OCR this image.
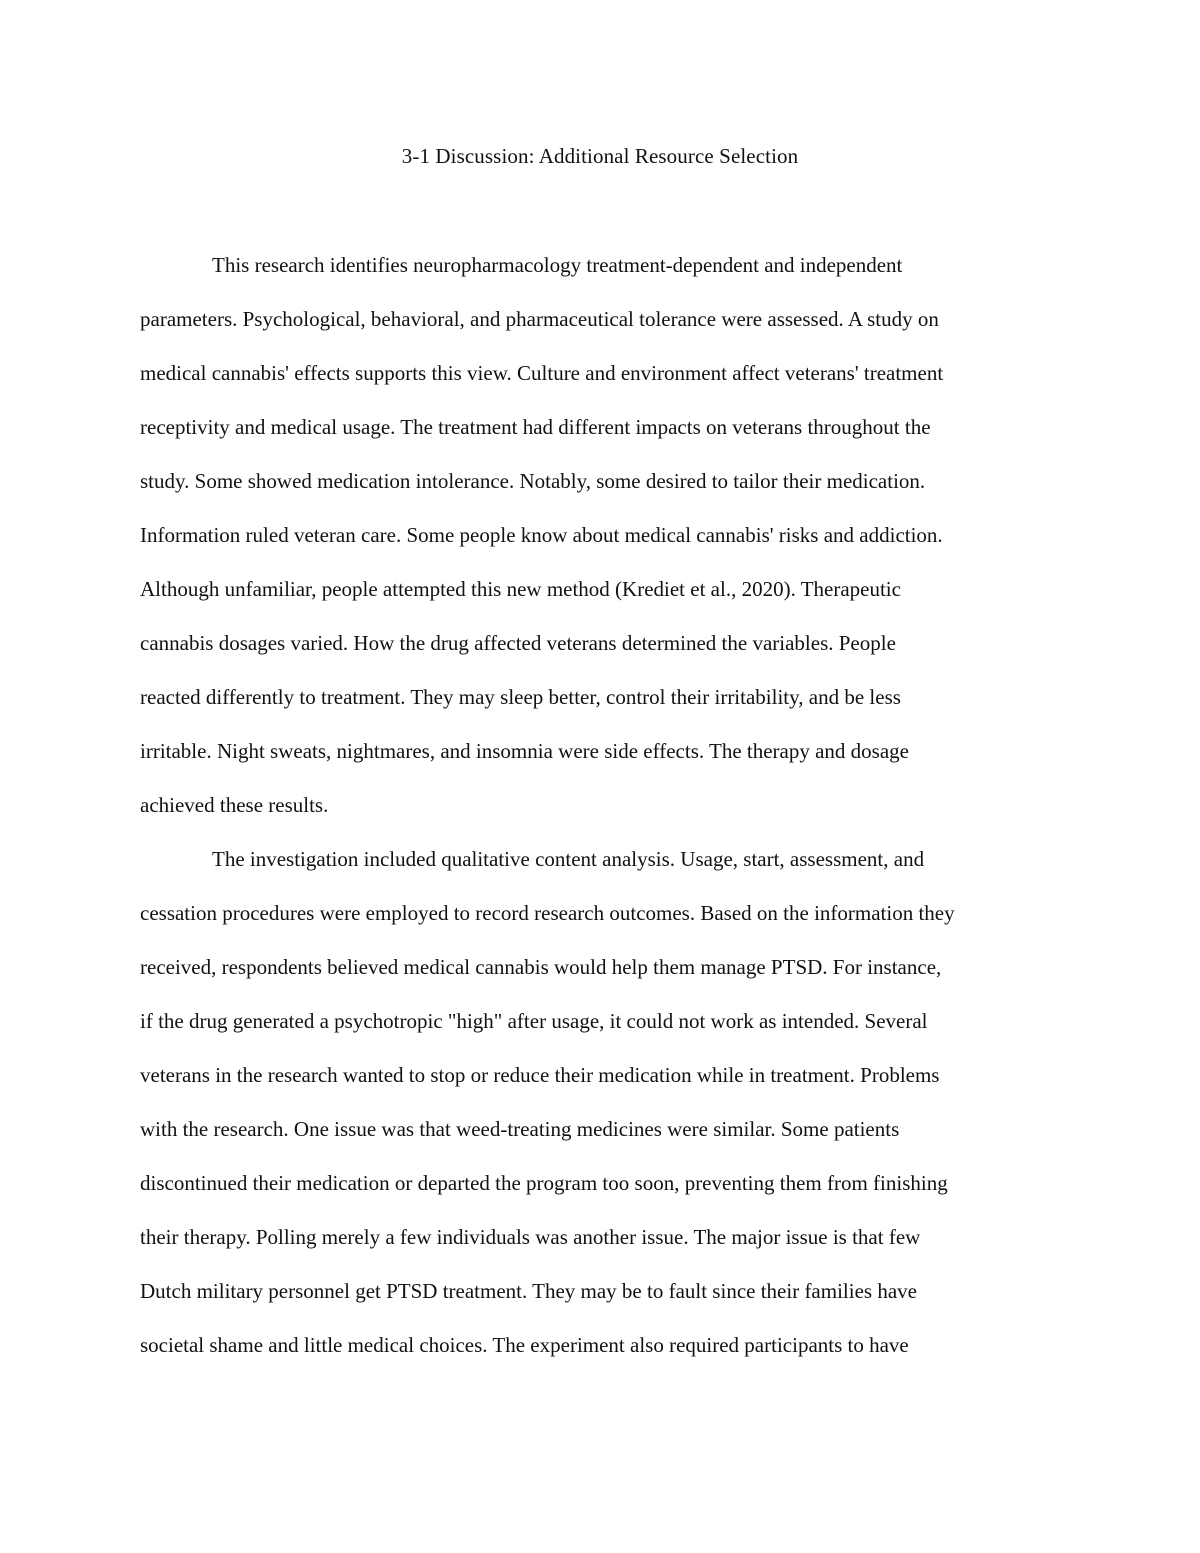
3-1 Discussion: Additional Resource Selection
This research identifies neuropharmacology treatment-dependent and independent
parameters. Psychological, behavioral, and pharmaceutical tolerance were assessed. A study on
medical cannabis' effects supports this view. Culture and environment affect veterans' treatment
receptivity and medical usage. The treatment had different impacts on veterans throughout the
study. Some showed medication intolerance. Notably, some desired to tailor their medication.
Information ruled veteran care. Some people know about medical cannabis' risks and addiction.
Although unfamiliar, people attempted this new method (Krediet et al., 2020). Therapeutic
cannabis dosages varied. How the drug affected veterans determined the variables. People
reacted differently to treatment. They may sleep better, control their irritability, and be less
irritable. Night sweats, nightmares, and insomnia were side effects. The therapy and dosage
achieved these results.
The investigation included qualitative content analysis. Usage, start, assessment, and
cessation procedures were employed to record research outcomes. Based on the information they
received, respondents believed medical cannabis would help them manage PTSD. For instance,
if the drug generated a psychotropic "high" after usage, it could not work as intended. Several
veterans in the research wanted to stop or reduce their medication while in treatment. Problems
with the research. One issue was that weed-treating medicines were similar. Some patients
discontinued their medication or departed the program too soon, preventing them from finishing
their therapy. Polling merely a few individuals was another issue. The major issue is that few
Dutch military personnel get PTSD treatment. They may be to fault since their families have
societal shame and little medical choices. The experiment also required participants to have
